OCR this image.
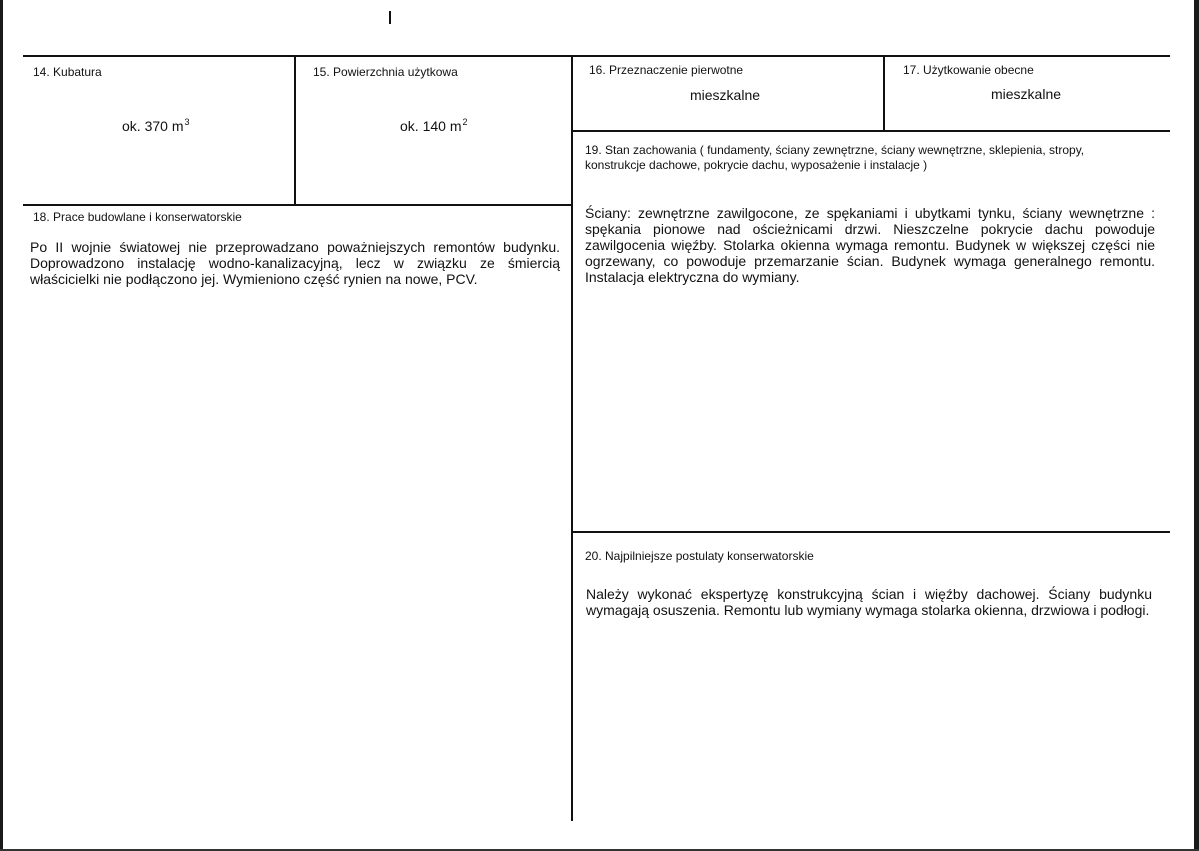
14. Kubatura
ok. 370 $m^3$
15. Powierzchnia użytkowa
ok. 140 $m^2$
16. Przeznaczenie pierwotne
mieszkalne
17. Użytkowanie obecne
mieszkalne
19. Stan zachowania ( fundamenty, ściany zewnętrzne, ściany wewnętrzne, sklepienia, stropy, konstrukcje dachowe, pokrycie dachu, wyposażenie i instalacje )
Ściany: zewnętrzne zawilgocone, ze spękaniami i ubytkami tynku, ściany wewnętrzne : spękania pionowe nad ościeżnicami drzwi. Nieszczelne pokrycie dachu powoduje zawilgocenia więźby. Stolarka okienna wymaga remontu. Budynek w większej części nie ogrzewany, co powoduje przemarzanie ścian. Budynek wymaga generalnego remontu. Instalacja elektryczna do wymiany.
18. Prace budowlane i konserwatorskie
Po II wojnie światowej nie przeprowadzano poważniejszych remontów budynku. Doprowadzono instalację wodno-kanalizacyjną, lecz w związku ze śmiercią właścicielki nie podłączono jej. Wymieniono część rynien na nowe, PCV.
20. Najpilniejsze postulaty konserwatorskie
Należy wykonać ekspertyzę konstrukcyjną ścian i więźby dachowej. Ściany budynku wymagają osuszenia. Remontu lub wymiany wymaga stolarka okienna, drzwiowa i podłogi.
